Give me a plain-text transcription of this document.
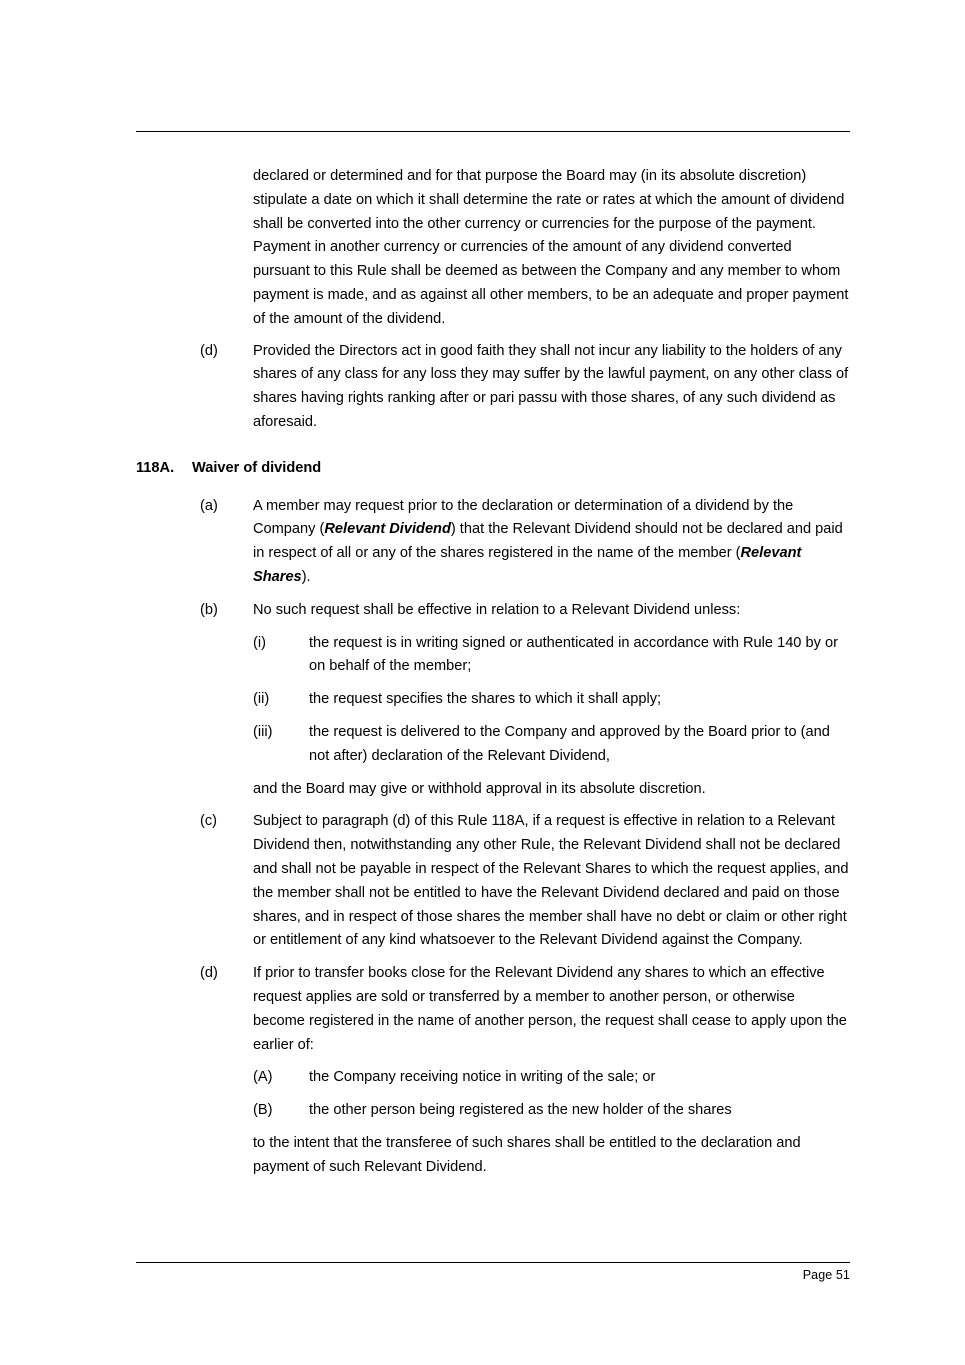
declared or determined and for that purpose the Board may (in its absolute discretion) stipulate a date on which it shall determine the rate or rates at which the amount of dividend shall be converted into the other currency or currencies for the purpose of the payment. Payment in another currency or currencies of the amount of any dividend converted pursuant to this Rule shall be deemed as between the Company and any member to whom payment is made, and as against all other members, to be an adequate and proper payment of the amount of the dividend.
(d)	Provided the Directors act in good faith they shall not incur any liability to the holders of any shares of any class for any loss they may suffer by the lawful payment, on any other class of shares having rights ranking after or pari passu with those shares, of any such dividend as aforesaid.
118A.	Waiver of dividend
(a)	A member may request prior to the declaration or determination of a dividend by the Company (Relevant Dividend) that the Relevant Dividend should not be declared and paid in respect of all or any of the shares registered in the name of the member (Relevant Shares).
(b)	No such request shall be effective in relation to a Relevant Dividend unless:
(i)	the request is in writing signed or authenticated in accordance with Rule 140 by or on behalf of the member;
(ii)	the request specifies the shares to which it shall apply;
(iii)	the request is delivered to the Company and approved by the Board prior to (and not after) declaration of the Relevant Dividend,
and the Board may give or withhold approval in its absolute discretion.
(c)	Subject to paragraph (d) of this Rule 118A, if a request is effective in relation to a Relevant Dividend then, notwithstanding any other Rule, the Relevant Dividend shall not be declared and shall not be payable in respect of the Relevant Shares to which the request applies, and the member shall not be entitled to have the Relevant Dividend declared and paid on those shares, and in respect of those shares the member shall have no debt or claim or other right or entitlement of any kind whatsoever to the Relevant Dividend against the Company.
(d)	If prior to transfer books close for the Relevant Dividend any shares to which an effective request applies are sold or transferred by a member to another person, or otherwise become registered in the name of another person, the request shall cease to apply upon the earlier of:
(A)	the Company receiving notice in writing of the sale; or
(B)	the other person being registered as the new holder of the shares
to the intent that the transferee of such shares shall be entitled to the declaration and payment of such Relevant Dividend.
Page 51
